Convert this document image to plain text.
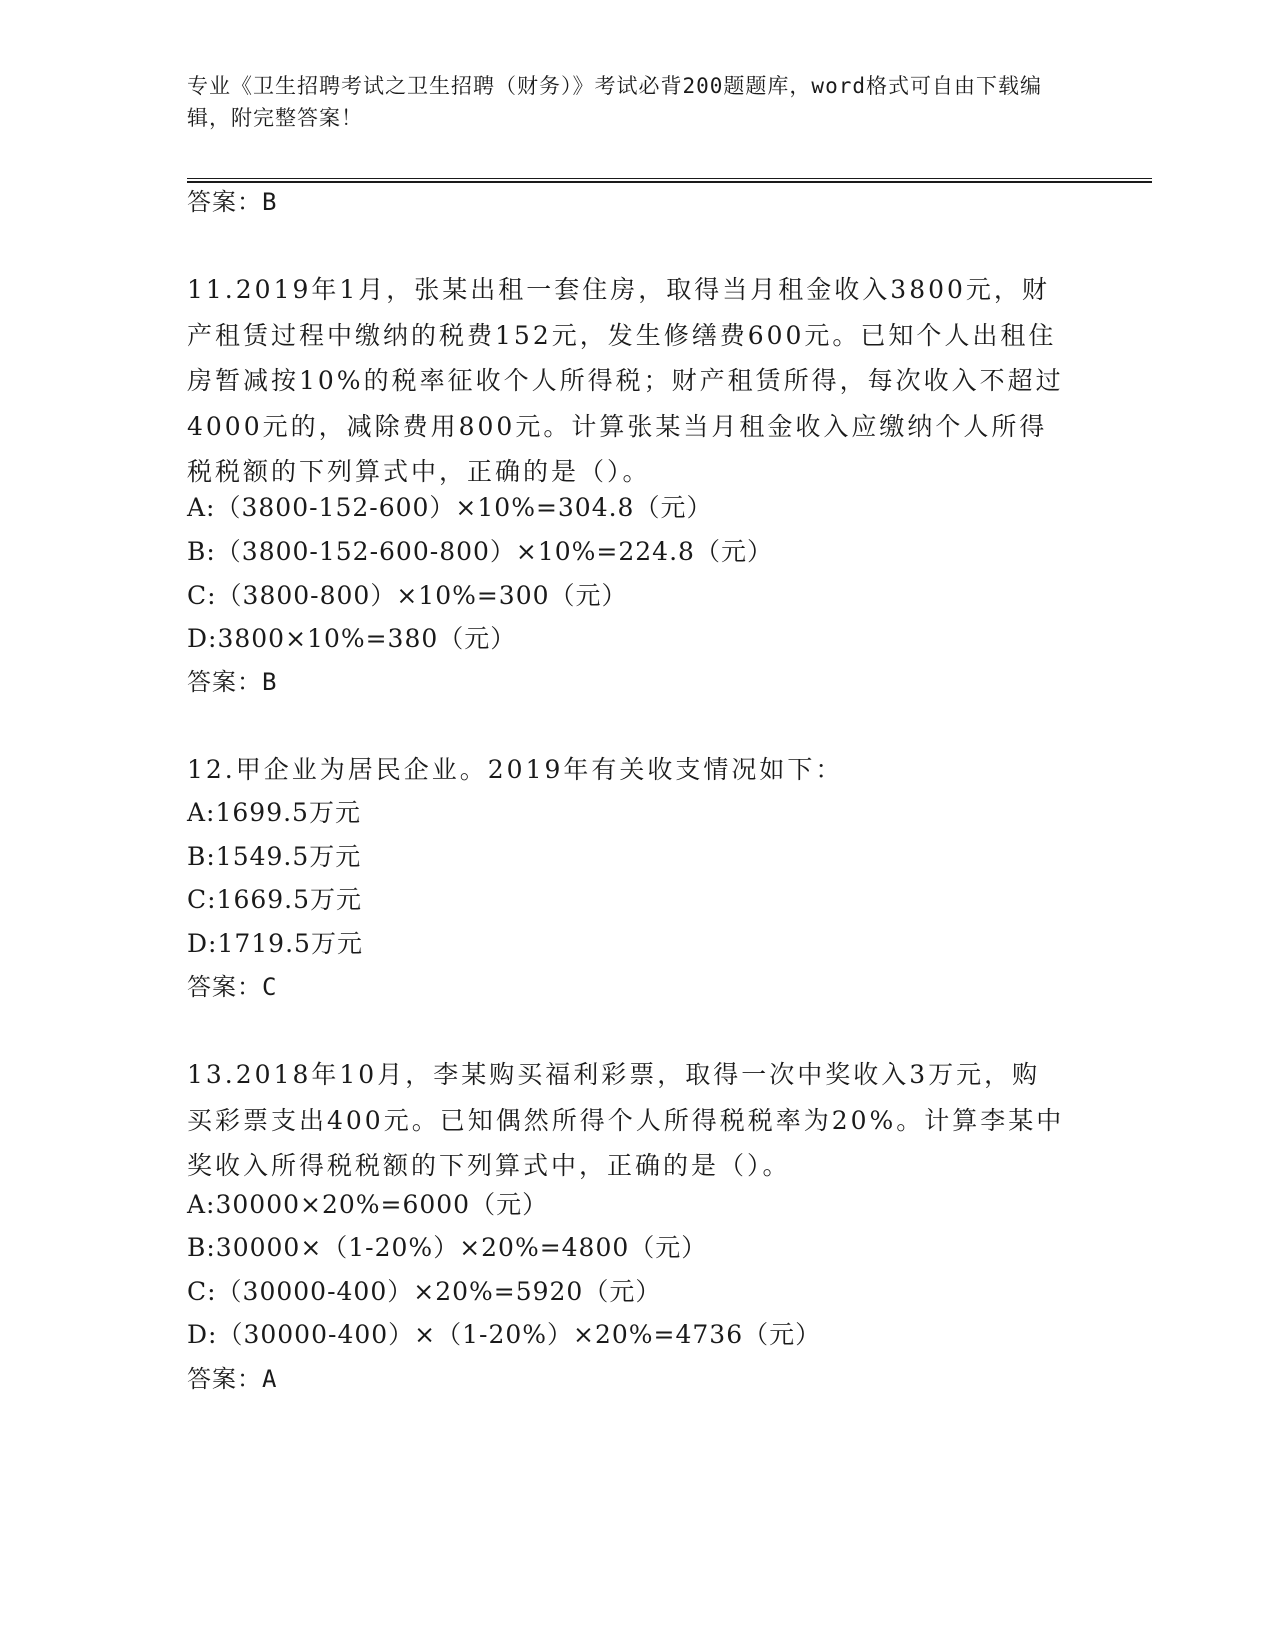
专业《卫生招聘考试之卫生招聘（财务）》考试必背200题题库，word格式可自由下载编辑，附完整答案！
答案：B
11.2019年1月，张某出租一套住房，取得当月租金收入3800元，财产租赁过程中缴纳的税费152元，发生修缮费600元。已知个人出租住房暂减按10%的税率征收个人所得税；财产租赁所得，每次收入不超过4000元的，减除费用800元。计算张某当月租金收入应缴纳个人所得税税额的下列算式中，正确的是（）。
A:（3800-152-600）×10%=304.8（元）
B:（3800-152-600-800）×10%=224.8（元）
C:（3800-800）×10%=300（元）
D:3800×10%=380（元）
答案：B
12.甲企业为居民企业。2019年有关收支情况如下：
A:1699.5万元
B:1549.5万元
C:1669.5万元
D:1719.5万元
答案：C
13.2018年10月，李某购买福利彩票，取得一次中奖收入3万元，购买彩票支出400元。已知偶然所得个人所得税税率为20%。计算李某中奖收入所得税税额的下列算式中，正确的是（）。
A:30000×20%=6000（元）
B:30000×（1-20%）×20%=4800（元）
C:（30000-400）×20%=5920（元）
D:（30000-400）×（1-20%）×20%=4736（元）
答案：A
